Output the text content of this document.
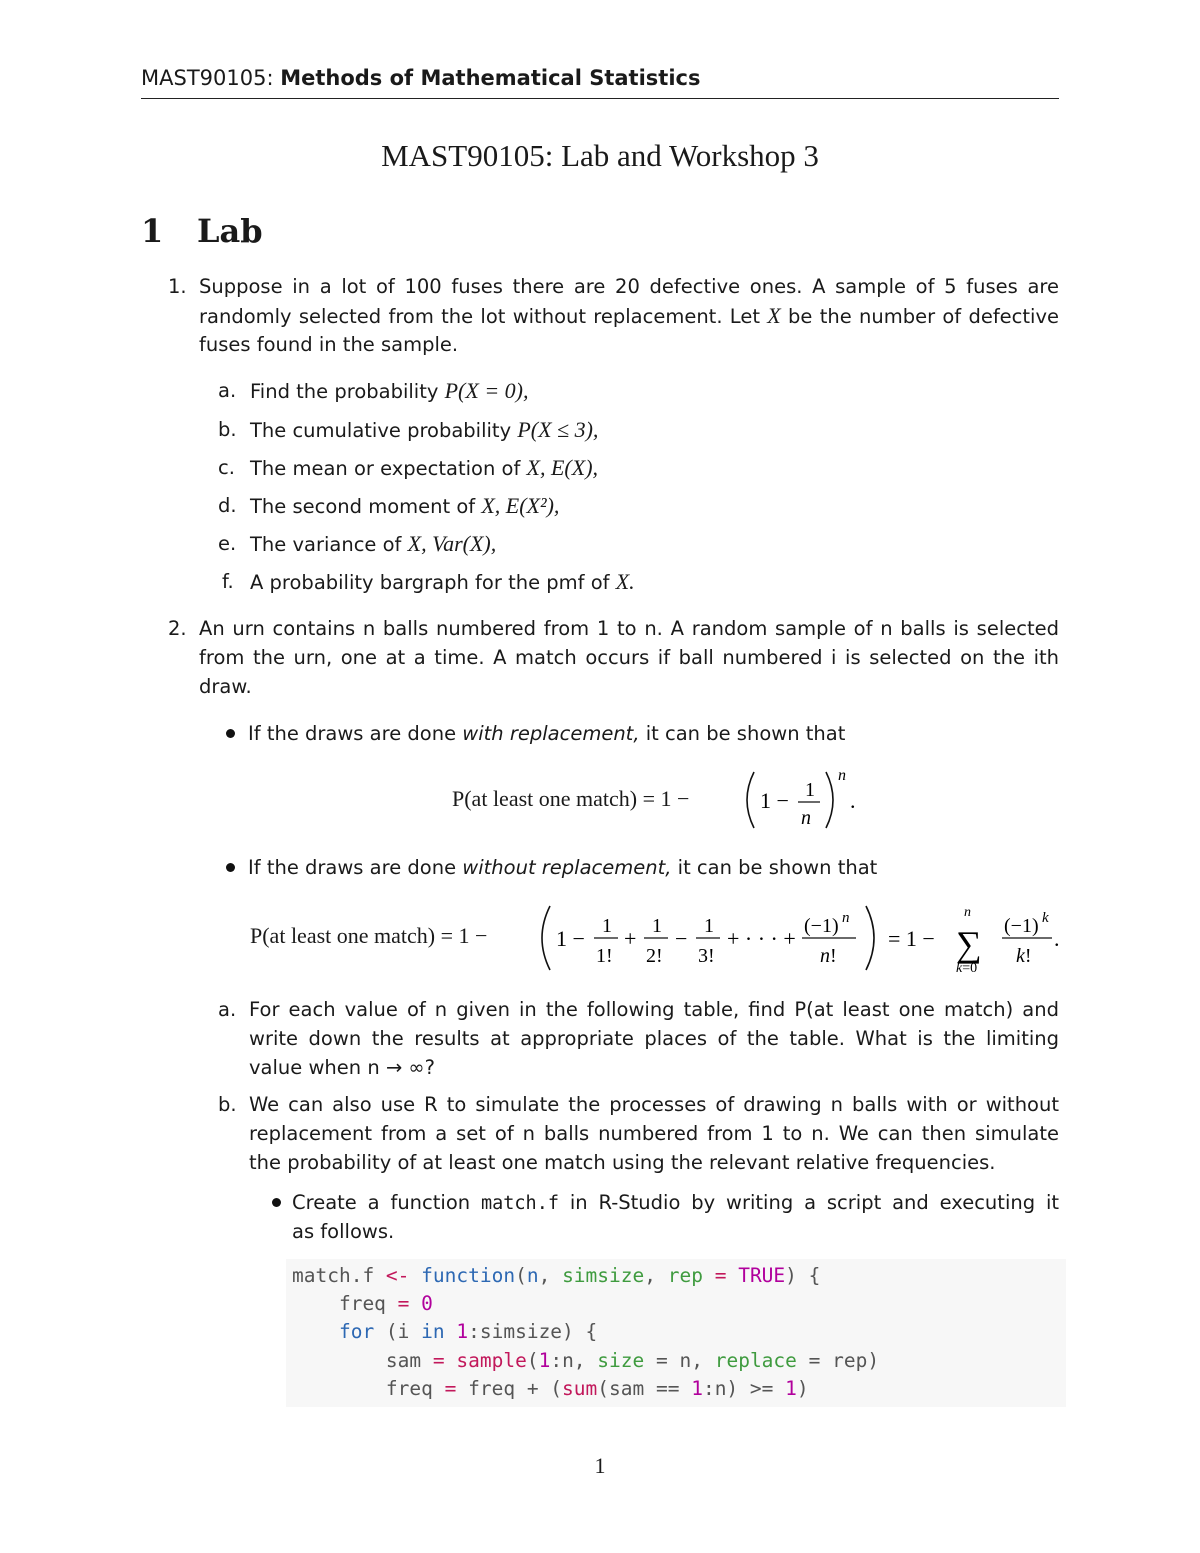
MAST90105: Methods of Mathematical Statistics
MAST90105: Lab and Workshop 3
1 Lab
1. Suppose in a lot of 100 fuses there are 20 defective ones. A sample of 5 fuses are
randomly selected from the lot without replacement. Let X be the number of defective
fuses found in the sample.
a. Find the probability P(X = 0),
b. The cumulative probability P(X ≤ 3),
c. The mean or expectation of X, E(X),
d. The second moment of X, E(X²),
e. The variance of X, Var(X),
f. A probability bargraph for the pmf of X.
2. An urn contains n balls numbered from 1 to n. A random sample of n balls is selected
from the urn, one at a time. A match occurs if ball numbered i is selected on the ith
draw.
If the draws are done with replacement, it can be shown that
P(at least one match) = 1 −	1 − 1
n
n
.
If the draws are done without replacement, it can be shown that
P(at least one match) = 1 −	1 − 1
1!
+ 1
2!
− 1
3!
+ · · · + (−1) n
n!
= 1 − ∑
n
k=0
(−1) k
k!
.
a. For each value of n given in the following table, find P(at least one match) and
write down the results at appropriate places of the table. What is the limiting
value when n → ∞?
b. We can also use R to simulate the processes of drawing n balls with or without
replacement from a set of n balls numbered from 1 to n. We can then simulate
the probability of at least one match using the relevant relative frequencies.
Create a function match.f in R-Studio by writing a script and executing it
as follows.
match.f <- function(n, simsize, rep = TRUE) {
freq = 0
for (i in 1:simsize) {
sam = sample(1:n, size = n, replace = rep)
freq = freq + (sum(sam == 1:n) >= 1)
1
